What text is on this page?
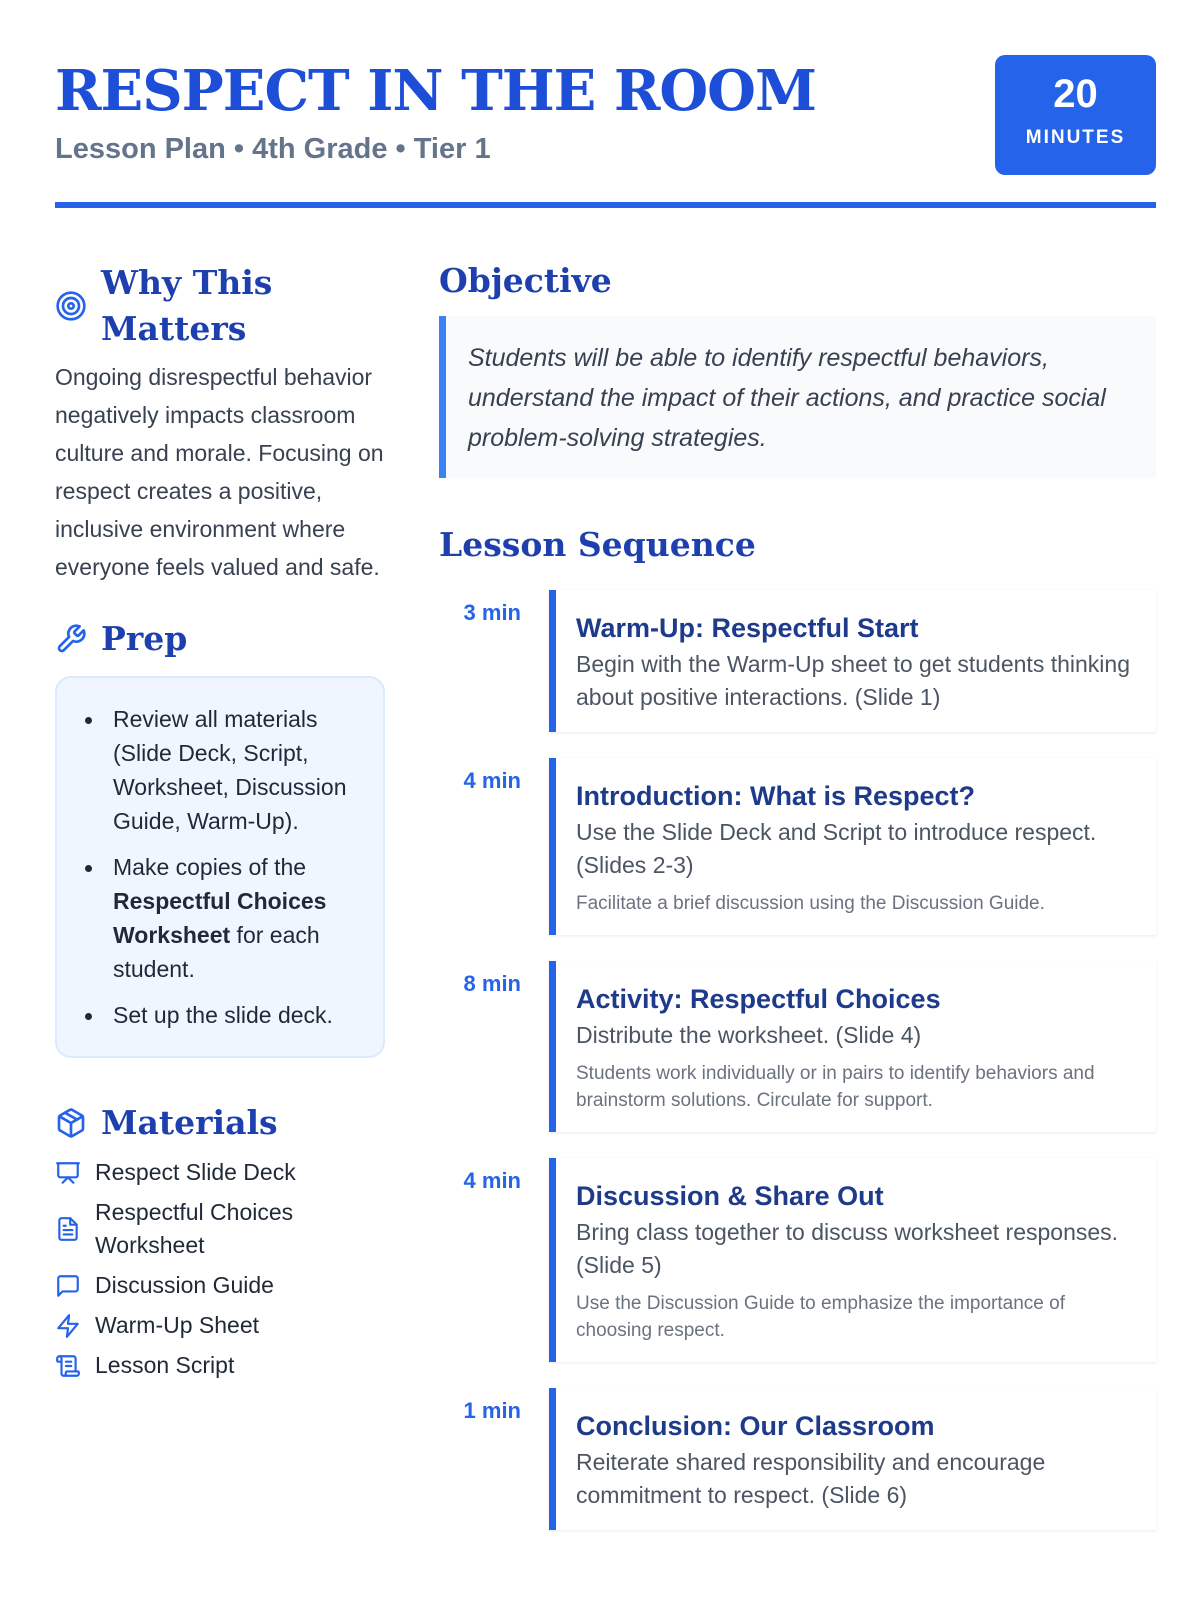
RESPECT IN THE ROOM
Lesson Plan • 4th Grade • Tier 1
20
MINUTES
Why This Matters

Ongoing disrespectful behavior negatively impacts classroom culture and morale. Focusing on respect creates a positive, inclusive environment where everyone feels valued and safe.

Prep
Review all materials (Slide Deck, Script, Worksheet, Discussion Guide, Warm-Up).
Make copies of the Respectful Choices Worksheet for each student.
Set up the slide deck.
Materials
Respect Slide Deck
Respectful Choices Worksheet
Discussion Guide
Warm-Up Sheet
Lesson Script
Objective

Students will be able to identify respectful behaviors, understand the impact of their actions, and practice social problem-solving strategies.

Lesson Sequence
3 min
Warm-Up: Respectful Start
Begin with the Warm-Up sheet to get students thinking about positive interactions. (Slide 1)
4 min
Introduction: What is Respect?
Use the Slide Deck and Script to introduce respect. (Slides 2-3)
Facilitate a brief discussion using the Discussion Guide.
8 min
Activity: Respectful Choices
Distribute the worksheet. (Slide 4)
Students work individually or in pairs to identify behaviors and brainstorm solutions. Circulate for support.
4 min
Discussion & Share Out
Bring class together to discuss worksheet responses. (Slide 5)
Use the Discussion Guide to emphasize the importance of choosing respect.
1 min
Conclusion: Our Classroom
Reiterate shared responsibility and encourage commitment to respect. (Slide 6)
